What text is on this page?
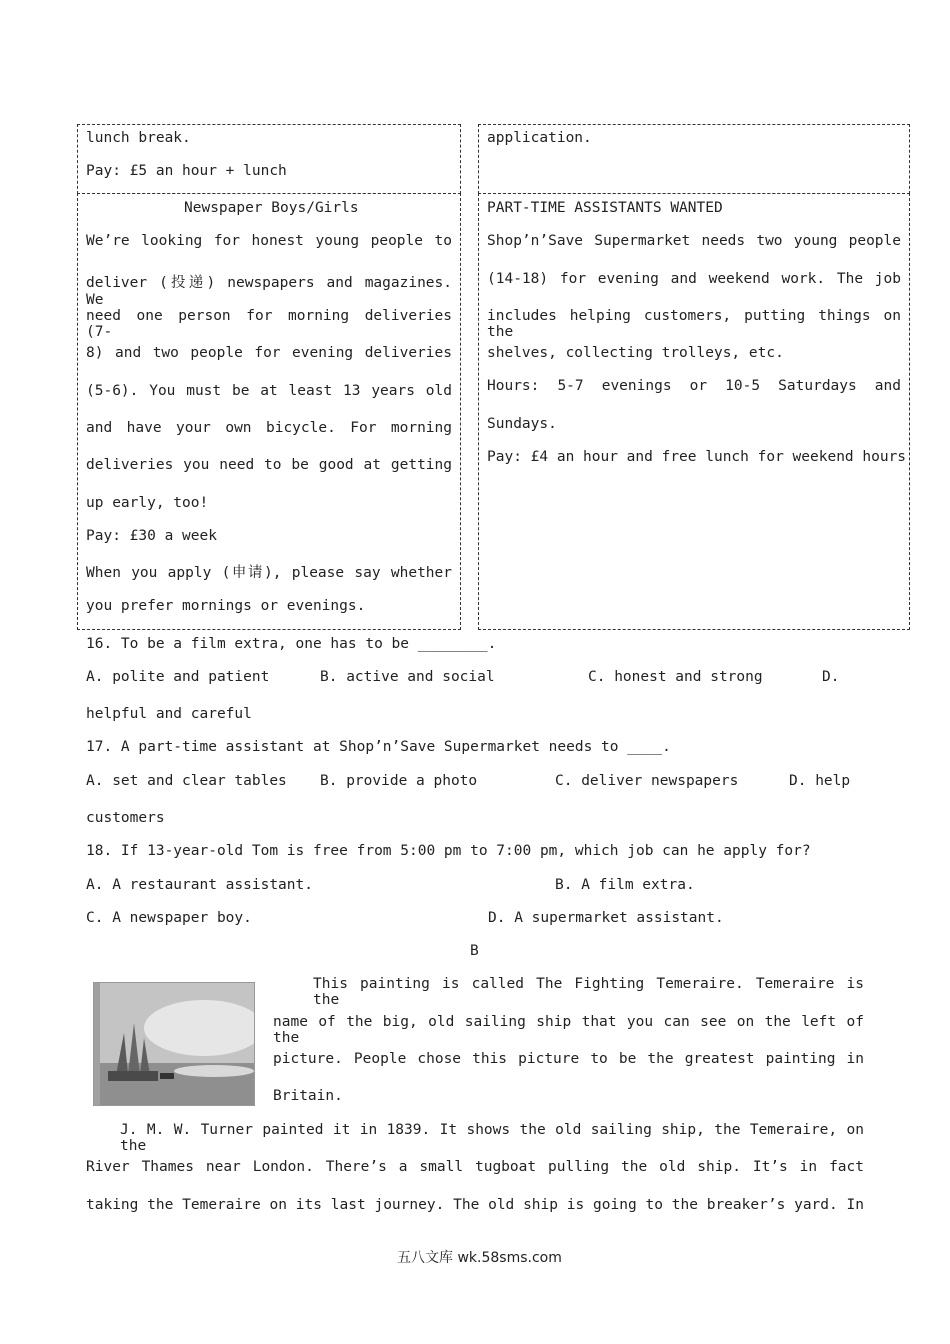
lunch break.
Pay: £5 an hour + lunch
application.
Newspaper Boys/Girls
We’re looking for honest young people to
deliver (投递) newspapers and magazines. We
need one person for morning deliveries (7-
8) and two people for evening deliveries
(5-6). You must be at least 13 years old
and have your own bicycle. For morning
deliveries you need to be good at getting
up early, too!
Pay: £30 a week
When you apply (申请), please say whether
you prefer mornings or evenings.
PART-TIME ASSISTANTS WANTED
Shop’n’Save Supermarket needs two young people
(14-18) for evening and weekend work. The job
includes helping customers, putting things on the
shelves, collecting trolleys, etc.
Hours: 5-7 evenings or 10-5 Saturdays and
Sundays.
Pay: £4 an hour and free lunch for weekend hours
16. To be a film extra, one has to be ________.
A. polite and patient	B. active and social	C. honest and strong	D.
helpful and careful
17. A part-time assistant at Shop’n’Save Supermarket needs to ____.
A. set and clear tables B. provide a photo	C. deliver newspapers	D. help
customers
18. If 13-year-old Tom is free from 5:00 pm to 7:00 pm, which job can he apply for?
A. A restaurant assistant.	B. A film extra.
C. A newspaper boy.	D. A supermarket assistant.
B
This painting is called The Fighting Temeraire. Temeraire is the
name of the big, old sailing ship that you can see on the left of the
picture. People chose this picture to be the greatest painting in
Britain.
J. M. W. Turner painted it in 1839. It shows the old sailing ship, the Temeraire, on the
River Thames near London. There’s a small tugboat pulling the old ship. It’s in fact
taking the Temeraire on its last journey. The old ship is going to the breaker’s yard. In
五八文库 wk.58sms.com
